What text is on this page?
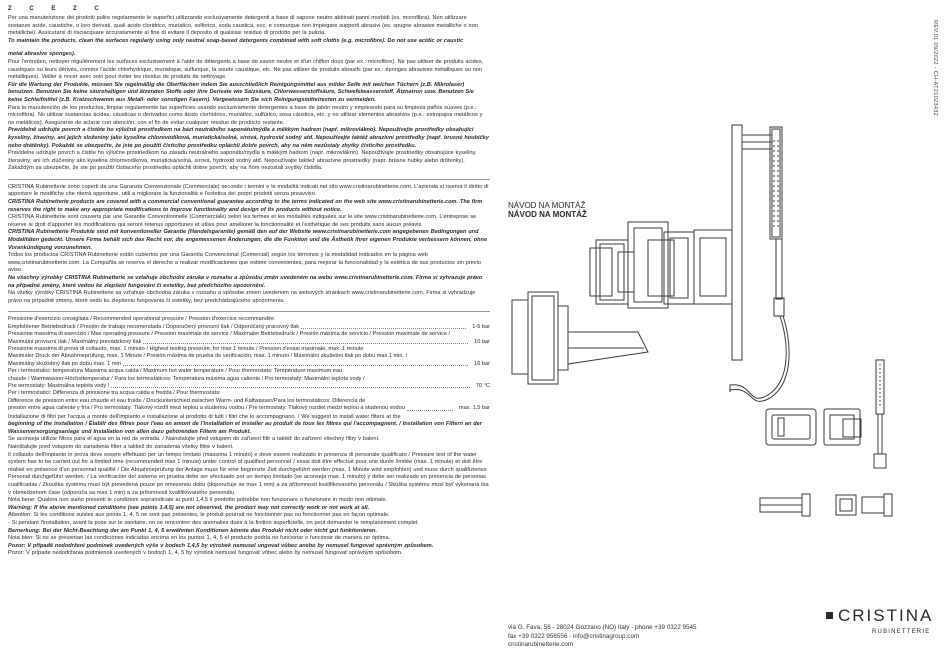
Z	C	E	Z	C

Per una manutenzione dei prodotti pulire regolarmente le superfici utilizzando esclusivamente detergenti a base di sapone neutro abbinati panni morbidi (es. microfibra). Non utilizzare sostanze acide, caustiche, o loro derivati, quali acido cloridrico, muriatico, solforico, soda caustica, ecc. e comunque non impiegare supporti abrasivi (es. spugne abrasive metalliche o non metalliche). Assicurarsi di risciacquare accuratamente al fine di evitare il deposito di qualsiasi residuo di prodotto per la pulizia.

To maintain the products, clean the surfaces regularly using only neutral soap-based detergents combined with soft cloths (e.g. microfibre). Do not use acidic or caustic

metal abrasive sponges).

Pour l'entretien, nettoyer régulièrement les surfaces exclusivement à l'aide de détergents à base de savon neutre et d'un chiffon doux (par ex.: microfibre). Ne pas utiliser de produits acides, caustiques ou leurs dérivés, comme l'acide chlorhydrique, muriatique, sulfurique, la soude caustique, etc. Ne pas utiliser de produits abrasifs (par ex.: éponges abrasives métalliques ou non métalliques). Veiller à rincer avec soin pour éviter les résidus de produits de nettoyage.

Für die Wartung der Produkte, müssen Sie regelmäßig die Oberflächen indem Sie ausschließlich Reinigungsmittel aus milder Seife mit weichen Tüchern (z.B. Mikrofaser) benutzen. Benutzen Sie keine säurehaltigen und ätzenden Stoffe oder ihre Derivate wie Salzsäure, Chlorwasserstoffsäure, Schwefelwasserstoff, Ätznatron usw. Benutzen Sie keine Schleifmittel (z.B. Kratzschwamm aus Metall- oder sonstigen Fasern). Vergewissern Sie sich Reinigungsmittelresten zu vermeiden.

Para la manutención de los productos, limpiar regularmente las superficies usando exclusivamente detergentes a base de jabón neutro y empleando para su limpieza paños suaves (p.e.: microfibra). No utilizar sustancias ácidas, cáusticas o derivados como ácido clorhídrico, muriático, sulfúrico, sosa cáustica, etc. y no utilizar elementos abrasivos (p.e.: estropajos metálicos y no metálicos). Asegurarse de aclarar con atención, con el fin de evitar cualquier residuo de producto restante.

Pravidelně udržujte povrch a čistěte ho výlučně prostředkem na bázi neutrálního saponátu/mýdla a měkkým hadrem (např. mikrovlákno). Nepoužívejte prostředky obsahující kyseliny, žíraviny, ani jejich složeniny jako kyselina chlorovodíková, muriatická/solná, sírová, hydroxid sodný atd. Nepoužívejte taktéž abrazivní prostředky (např. brusné houbičky nebo drátěnky). Pokaždé se ubezpečte, že jste po použití čisticího prostředku opláchli dobře povrch, aby na něm nezůstaly zbytky čisticího prostředku.

Pravidelne udržujte povrch a čistite ho výlučne prostriedkom na zásadu neutrálneho saponátu/mydla a mäkkým hadrom (napr. mikrovlákno). Nepoužívajte prostriedky obsahujúce kyseliny, žieraviny, ani ich zlúčeniny ako kyselina chlorovodíková, muriatická/solná, sírová, hydroxid sodný atď. Nepoužívajte taktiež abrazívne prostriedky (napr. brúsne hubky alebo drôtenky). Zakaždým sa ubezpečte, že ste po použití čistiaceho prostriedku opláchli dobre povrch, aby na ňom nezostali zvyšky čistidla.

CRISTINA Rubinetterie sono coperti da una Garanzia Convenzionale (Commerciale) secondo i termini e le modalità indicati nel sito www.cristinarubinetterie.com. L'azienda si riserva il diritto di apportare le modifiche che riterrà opportune, utili a migliorare la funzionalità e l'estetica dei propri prodotti senza preavviso.

CRISTINA Rubinetterie products are covered with a commercial conventional guarantee according to the terms indicated on the web site www.cristinarubinetterie.com. The firm reserves the right to make any appropriate modifications to improve functionality and design of its products without notice.

CRISTINA Rubinetterie sont couverts par une Garantie Conventionnelle (Commerciale) selon les termes et les modalités indiquées sur le site www.cristinarubinetterie.com. L'entreprise se réserve le droit d'apporter les modifications qui seront retenus opportunes et utiles pour améliorer la fonctionnalité et l'esthétique de ses produits sans aucun préavis.

CRISTINA Rubinetterie Produkte sind mit konventioneller Garantie (Handelsgarantie) gemäß den auf der Website www.cristinarubinetterie.com angegebenen Bedingungen und Modalitäten gedeckt. Unsere Firma behält sich das Recht vor, die angemessenen Änderungen, die die Funktion und die Ästhetik ihrer eigenen Produkte verbessern können, ohne Vorankündigung vorzunehmen.

Todos los productos CRISTINA Rubinetterie están cubiertos por una Garantía Convencional (Comercial) según los términos y la modalidad indicados en la página web www.cristinarubinetterie.com. La Compañía se reserva el derecho a realizar modificaciones que estime convenientes, para mejorar la funcionalidad y la estética de sus productos sin previo aviso.

Na všechny výrobky CRISTINA Rubinetterie se vztahuje obchodní záruka v rozsahu a způsobu změn uvedeném na webu www.cristinarubinetterie.com. Firma si vyhrazuje právo na případné změny, které vedou ke zlepšení fungování či estetiky, bez předchozího upozornění.

Na všetky výrobky CRISTINA Rubinetterie sa vzťahuje obchodná záruka v rozsahu a spôsobe zmien uvedenom na webových stránkach www.cristinarubinetterie.com. Firma si vyhradzuje právo na prípadné zmeny, ktoré vedú ku zlepšeniu fungovania či estetiky, bez predchádzajúceho upozornenia.

Pressione d'esercizio consigliata / Recommended operational pressure / Pression d'exercice recommandée
Empfohlener Betriebsdruck / Presión de trabajo recomendada / Doporučený provozní tlak / Odporúčaný pracovný tlak	1-5 bar
Pressione massima di esercizio / Max operating pressure / Pression maximale de service / Maximaler Betriebsdruck / Presión máxima de servicio / Pression maximale de service /
Maximální provozní tlak / Maximálny prevádzkový tlak	10 bar
Pressione massima di prova di collaudo, max. 1 minuto / Highest testing pressure, for max 1 minute / Pression d'essai maximale, max. 1 minute
Maximaler Druck der Abnahmeprüfung, max. 1 Minute / Presión máxima de prueba de verificación, max. 1 minuto / Maximální zkušební tlak po dobu max 1 min. /
Maximálny skúšobný tlak po dobu max. 1 min	16 bar
Per i termostatici: temperatura Massima acqua calda / Maximum hot water temperature / Pour thermostats: Température maximum eau
chaude / Warmwasser-Höchsttemperatur / Para los termostáticos: Temperatura máxima agua caliente / Pro termostaty: Maximální teplota vody /
Pre termostaty: Maximálna teplota vody /	70 °C
Per i termostatici: Differenza di pressione tra acqua calda e fredda / Pour thermostats:
Différence de pression entre eau chaude et eau froide / Druckunterschied zwischen Warm- und Kaltwasser/Para los termostáticos: Diferencia de
presión entre agua caliente y fría / Pro termostaty: Tlakový rozdíl mezi teplou a studenou vodou / Pre termostaty: Tlakový rozdiel medzi teplou a studenou vodou	max. 1,5 bar

Installazione di filtri per l'acqua a monte dell'impianto e installazione al prodotto di tutti i filtri che lo accompagnano. / We suggest to install water filters at the

beginning of the installation / Établir des filtres pour l'eau en amont de l'installation et installer au produit de tous les filtres qui l'accompagnent. / Installation von Filtern an der Wasserversorgungsanlage und Installation von allen dazu gehörenden Filtern am Produkt.

Se aconseja utilizar filtros para el agua en la red de entrada. / Nainstalujte před vstupem do zařízení filtr a taktéž do zařízení všechny filtry v balení.

Nainštalujte pred vstupom do zariadenia filter a taktiež do zariadenia všetky filtre v balení.

Il collaudo dell'impianto in prova deve essere effettuato per un tempo limitato (massima 1 minuto) e deve essere realizzato in presenza di personale qualificato / Pressure test of the water system has to be carried out for a limited time (recommended max 1 minute) under control of qualified personnel / essai doit être effectué pour une durée limitée (max. 1 minute) et doit être réalisé en présence d'un personnel qualifié / Die Abnahmeprüfung der Anlage muss für eine begrenzte Zeit durchgeführt werden (max. 1 Minute wird empfohlen) und muss durch qualifiziertes Personal durchgeführt werden. / La verificación del sistema en prueba debe ser efectuado por un tiempo limitado (se aconseja max. 1 minuto) y debe ser realizado en presencia de personas cualificadas / Zkouška systému musí být provedená pouze po omezenou dobu (doporučuje se max 1 min) a za přítomnosti kvalifikovaného personálu / Skúška systému musí byť vykonaná iba v obmedzenom čase (odporúča sa max 1 min) a za prítomnosti kvalifikovaného personálu.

Nota bene: Qualora non siano presenti le condizioni sopraindicate ai punti 1,4,5 il prodotto potrebbe non funzionare o funzionare in modo non ottimale.

Warning: If the above mentioned conditions (see points 1,4,5) are not observed, the product may not correctly work or not work at all.

Attention: Si les conditions suivies aux points 1, 4, 5 ne sont pas présentes, le produit pourrait ne fonctionner pas ou fonctionner pas en façon optimale.

- Si pendant l'installation, avant la pose sur le sanitaire, on se rencontrer des anomalies dues à la finition superficielle, on peut demander le remplacement complet.

Bemerkung: Bei der Nicht-Beachtung der am Punkt 1, 4, 5 erwähnten Konditionen könnte das Produkt nicht oder nicht gut funktionieren.

Nota bien: Si no se presentan las condiciones indicadas encima en los puntos 1, 4, 5 el producto podría no funcionar o funcionar de manera no óptima.

Pozor: V případě nedodržení podmínek uvedených výše v bodech 1,4,5 by výrobek nemusel ungovat vůbec anebo by nemusel fungovat správným způsobem.

Pozor: V prípade nedodržania podmienok uvedených v bodoch 1, 4, 5 by výrobok nemusel fungovať vôbec alebo by nemusel fungovať správnym spôsobom.

REV.01 09/2022 - CH-AT21023432
NÁVOD NA MONTÁŽ
NÁVOD NA MONTÁŽ
via G. Fava, 56 - 28024 Gozzano (NO) Italy - phone +39 0322 9545
fax +39 0322 956556 - info@cristinagroup.com
cristinarubinetterie.com
CRISTINA
RUBINETTERIE
